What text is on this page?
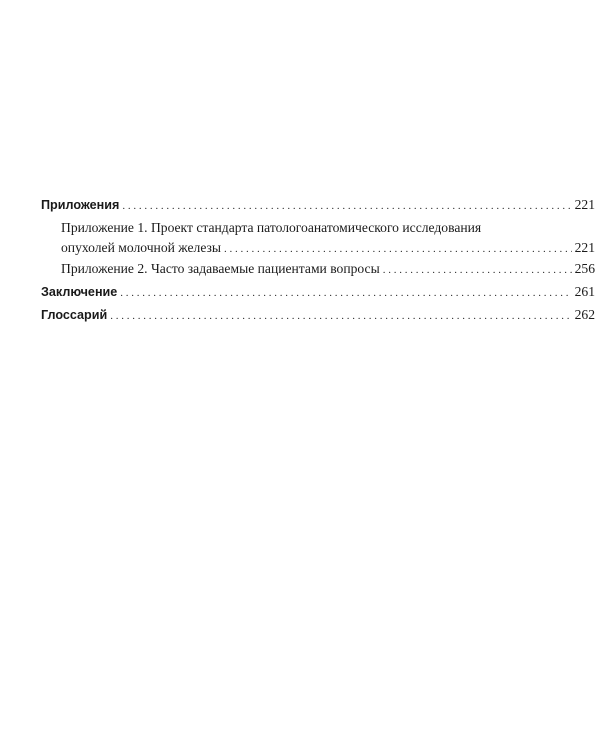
Приложения . . .	221
Приложение 1. Проект стандарта патологоанатомического исследования
опухолей молочной железы . . .	221
Приложение 2. Часто задаваемые пациентами вопросы . . .	256
Заключение . . .	261
Глоссарий . . .	262
